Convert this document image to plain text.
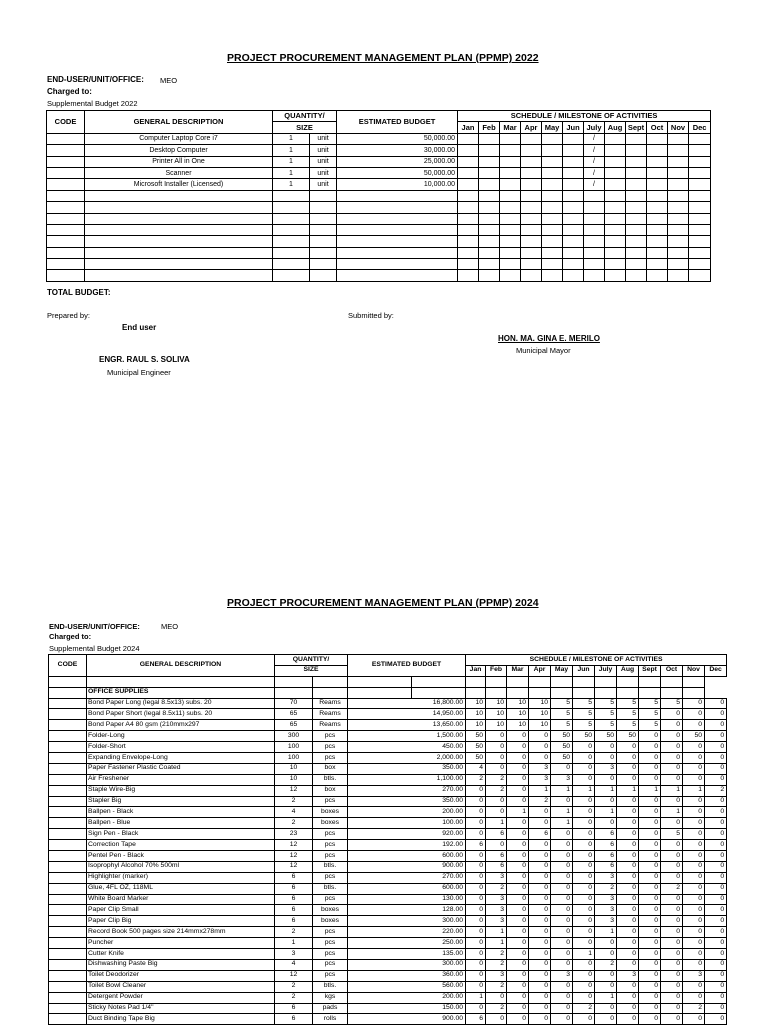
PROJECT PROCUREMENT MANAGEMENT PLAN (PPMP) 2022
END-USER/UNIT/OFFICE: MEO
Charged to:
Supplemental Budget 2022
CODE	GENERAL DESCRIPTION	QUANTITY/		ESTIMATED BUDGET	SCHEDULE / MILESTONE OF ACTIVITIES											
		SIZE			Jan	Feb	Mar	Apr	May	Jun	July	Aug	Sept	Oct	Nov	Dec
	Computer Laptop Core i7	1	unit	50,000.00							/					
	Desktop Computer	1	unit	30,000.00							/					
	Printer All in One	1	unit	25,000.00							/					
	Scanner	1	unit	50,000.00							/					
	Microsoft Installer (Licensed)	1	unit	10,000.00							/					

TOTAL BUDGET:
Prepared by:	Submitted by:
End user
HON. MA. GINA E. MERILO
Municipal Mayor
ENGR. RAUL S. SOLIVA
Municipal Engineer
PROJECT PROCUREMENT MANAGEMENT PLAN (PPMP) 2024
END-USER/UNIT/OFFICE:	MEO
Charged to:
Supplemental Budget 2024
CODE	GENERAL DESCRIPTION	QUANTITY/		ESTIMATED BUDGET		SCHEDULE / MILESTONE OF ACTIVITIES											
		SIZE				Jan	Feb	Mar	Apr	May	Jun	July	Aug	Sept	Oct	Nov	Dec

	OFFICE SUPPLIES																
	Bond Paper Long (legal 8.5x13) subs. 20	70	Reams	16,800.00		10	10	10	10	5	5	5	5	5	5	0	0
	Bond Paper Short (legal 8.5x11) subs. 20	65	Reams	14,950.00		10	10	10	10	5	5	5	5	5	0	0	0
	Bond Paper A4 80 gsm (210mmx297	65	Reams	13,650.00		10	10	10	10	5	5	5	5	5	0	0	0
	Folder-Long	300	pcs	1,500.00		50	0	0	0	50	50	50	50	0	0	50	0
	Folder-Short	100	pcs	450.00		50	0	0	0	50	0	0	0	0	0	0	0
	Expanding Envelope-Long	100	pcs	2,000.00		50	0	0	0	50	0	0	0	0	0	0	0
	Paper Fastener Plastic Coated	10	box	350.00		4	0	0	3	0	0	3	0	0	0	0	0
	Air Freshener	10	btls.	1,100.00		2	2	0	3	3	0	0	0	0	0	0	0
	Staple Wire-Big	12	box	270.00		0	2	0	1	1	1	1	1	1	1	1	2
	Stapler Big	2	pcs	350.00		0	0	0	2	0	0	0	0	0	0	0	0
	Ballpen - Black	4	boxes	200.00		0	0	1	0	1	0	1	0	0	1	0	0
	Ballpen - Blue	2	boxes	100.00		0	1	0	0	1	0	0	0	0	0	0	0
	Sign Pen - Black	23	pcs	920.00		0	6	0	6	0	0	6	0	0	5	0	0
	Correction Tape	12	pcs	192.00		6	0	0	0	0	0	6	0	0	0	0	0
	Pentel Pen - Black	12	pcs	600.00		0	6	0	0	0	0	6	0	0	0	0	0
	Isoprophyl Alcohol 70% 500ml	12	btls.	900.00		0	6	0	0	0	0	6	0	0	0	0	0
	Highlighter (marker)	6	pcs	270.00		0	3	0	0	0	0	3	0	0	0	0	0
	Glue, 4FL OZ, 118ML	6	btls.	600.00		0	2	0	0	0	0	2	0	0	2	0	0
	White Board Marker	6	pcs	130.00		0	3	0	0	0	0	3	0	0	0	0	0
	Paper Clip Small	6	boxes	128.00		0	3	0	0	0	0	3	0	0	0	0	0
	Paper Clip Big	6	boxes	300.00		0	3	0	0	0	0	3	0	0	0	0	0
	Record Book 500 pages size 214mmx278mm	2	pcs	220.00		0	1	0	0	0	0	1	0	0	0	0	0
	Puncher	1	pcs	250.00		0	1	0	0	0	0	0	0	0	0	0	0
	Cutter Knife	3	pcs	135.00		0	2	0	0	0	1	0	0	0	0	0	0
	Dishwashing Paste Big	4	pcs	300.00		0	2	0	0	0	0	2	0	0	0	0	0
	Toilet Deodorizer	12	pcs	360.00		0	3	0	0	3	0	0	3	0	0	3	0
	Toilet Bowl Cleaner	2	btls.	560.00		0	2	0	0	0	0	0	0	0	0	0	0
	Detergent Powder	2	kgs	200.00		1	0	0	0	0	0	1	0	0	0	0	0
	Sticky Notes Pad 1/4"	6	pads	150.00		0	2	0	0	0	2	0	0	0	0	2	0
	Duct Binding Tape Big	6	rolls	900.00		6	0	0	0	0	0	0	0	0	0	0	0
